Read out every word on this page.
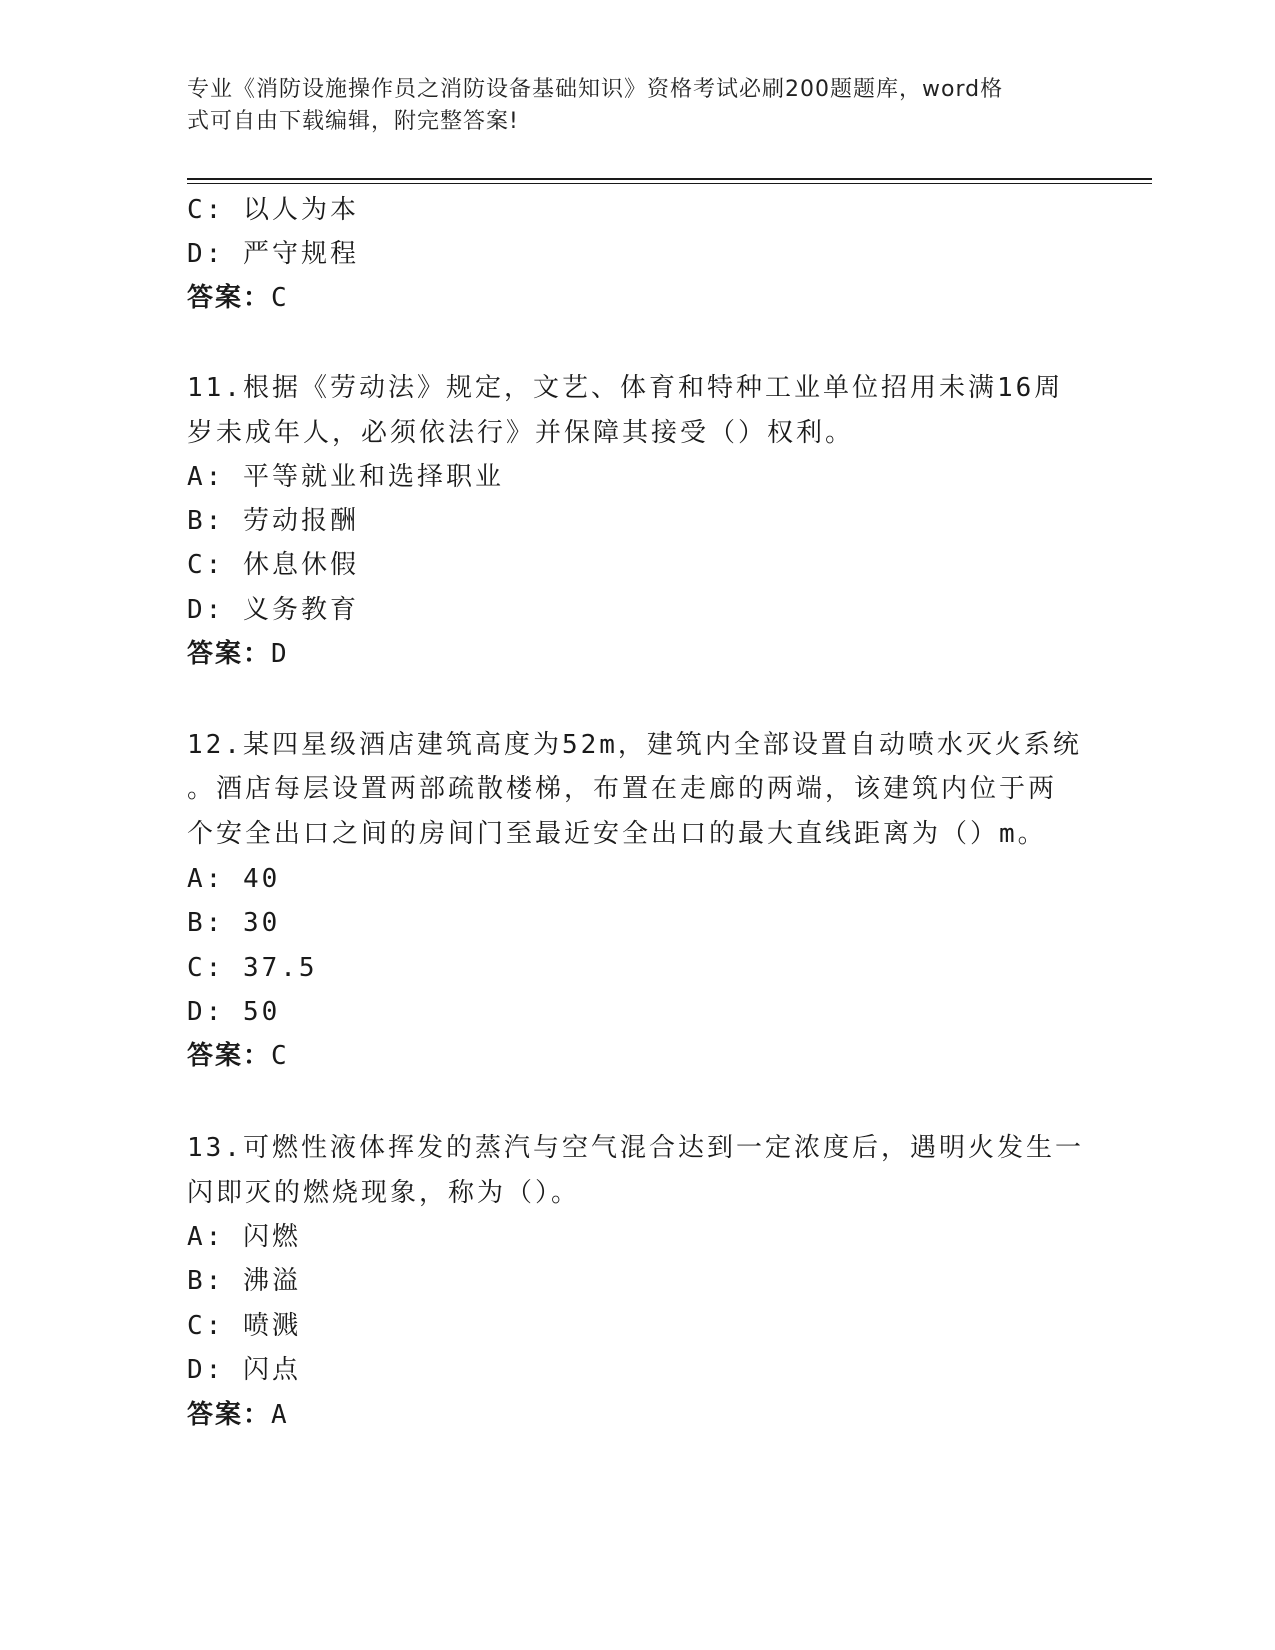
专业《消防设施操作员之消防设备基础知识》资格考试必刷200题题库，word格
式可自由下载编辑，附完整答案!
C: 以人为本
D: 严守规程
答案：C
11.根据《劳动法》规定，文艺、体育和特种工业单位招用未满16周
岁未成年人，必须依法行》并保障其接受（）权利。
A: 平等就业和选择职业
B: 劳动报酬
C: 休息休假
D: 义务教育
答案：D
12.某四星级酒店建筑高度为52m，建筑内全部设置自动喷水灭火系统
。酒店每层设置两部疏散楼梯，布置在走廊的两端，该建筑内位于两
个安全出口之间的房间门至最近安全出口的最大直线距离为（）m。
A: 40
B: 30
C: 37.5
D: 50
答案：C
13.可燃性液体挥发的蒸汽与空气混合达到一定浓度后，遇明火发生一
闪即灭的燃烧现象，称为（）。
A: 闪燃
B: 沸溢
C: 喷溅
D: 闪点
答案：A
